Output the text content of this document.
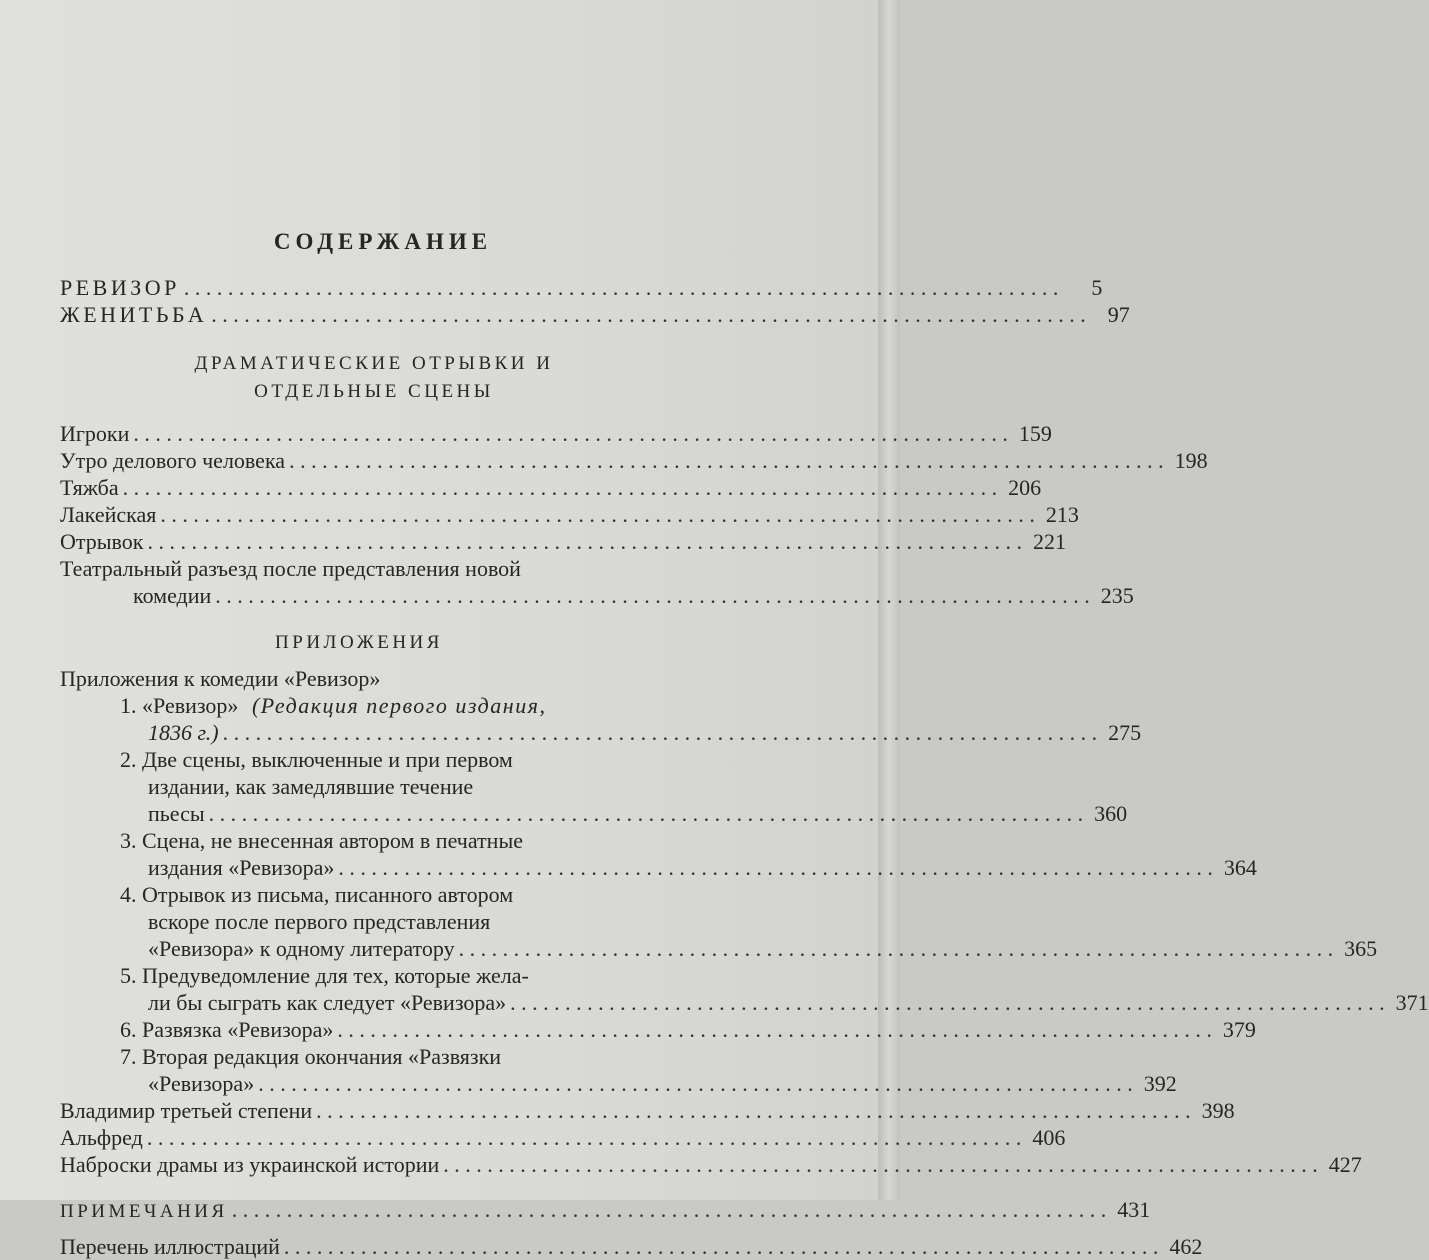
СОДЕРЖАНИЕ
РЕВИЗОР . . . . . . . . . . . . . . . . . . . . . . . . . . . . . . . . . . . . . . . . . . . . . . . . . . . . . . . . . . . . . . . . . . . . . . . . . . . . . . . .	5
ЖЕНИТЬБА . . . . . . . . . . . . . . . . . . . . . . . . . . . . . . . . . . . . . . . . . . . . . . . . . . . . . . . . . . . . . . . . . . . . . . . . . . . . . . . .	97
ДРАМАТИЧЕСКИЕ ОТРЫВКИ И
ОТДЕЛЬНЫЕ СЦЕНЫ
Игроки . . . . . . . . . . . . . . . . . . . . . . . . . . . . . . . . . . . . . . . . . . . . . . . . . . . . . . . . . . . . . . . . . . . . . . . . . . . . . . . . 159
Утро делового человека . . . . . . . . . . . . . . . . . . . . . . . . . . . . . . . . . . . . . . . . . . . . . . . . . . . . . . . . . . . . . . . . . . . . . . . . . . . . . . . . 198
Тяжба . . . . . . . . . . . . . . . . . . . . . . . . . . . . . . . . . . . . . . . . . . . . . . . . . . . . . . . . . . . . . . . . . . . . . . . . . . . . . . . . 206
Лакейская . . . . . . . . . . . . . . . . . . . . . . . . . . . . . . . . . . . . . . . . . . . . . . . . . . . . . . . . . . . . . . . . . . . . . . . . . . . . . . . . 213
Отрывок . . . . . . . . . . . . . . . . . . . . . . . . . . . . . . . . . . . . . . . . . . . . . . . . . . . . . . . . . . . . . . . . . . . . . . . . . . . . . . . . 221
Театральный разъезд после представления новой
комедии . . . . . . . . . . . . . . . . . . . . . . . . . . . . . . . . . . . . . . . . . . . . . . . . . . . . . . . . . . . . . . . . . . . . . . . . . . . . . . . . 235
ПРИЛОЖЕНИЯ
Приложения к комедии «Ревизор»
1. «Ревизор» (Редакция первого издания,
1836 г.) . . . . . . . . . . . . . . . . . . . . . . . . . . . . . . . . . . . . . . . . . . . . . . . . . . . . . . . . . . . . . . . . . . . . . . . . . . . . . . . . 275
2. Две сцены, выключенные и при первом
издании, как замедлявшие течение
пьесы . . . . . . . . . . . . . . . . . . . . . . . . . . . . . . . . . . . . . . . . . . . . . . . . . . . . . . . . . . . . . . . . . . . . . . . . . . . . . . . . 360
3. Сцена, не внесенная автором в печатные
издания «Ревизора» . . . . . . . . . . . . . . . . . . . . . . . . . . . . . . . . . . . . . . . . . . . . . . . . . . . . . . . . . . . . . . . . . . . . . . . . . . . . . . . . 364
4. Отрывок из письма, писанного автором
вскоре после первого представления
«Ревизора» к одному литератору . . . . . . . . . . . . . . . . . . . . . . . . . . . . . . . . . . . . . . . . . . . . . . . . . . . . . . . . . . . . . . . . . . . . . . . . . . . . . . . . 365
5. Предуведомление для тех, которые жела-
ли бы сыграть как следует «Ревизора» . . . . . . . . . . . . . . . . . . . . . . . . . . . . . . . . . . . . . . . . . . . . . . . . . . . . . . . . . . . . . . . . . . . . . . . . . . . . . . . . 371
6. Развязка «Ревизора» . . . . . . . . . . . . . . . . . . . . . . . . . . . . . . . . . . . . . . . . . . . . . . . . . . . . . . . . . . . . . . . . . . . . . . . . . . . . . . . . 379
7. Вторая редакция окончания «Развязки
«Ревизора» . . . . . . . . . . . . . . . . . . . . . . . . . . . . . . . . . . . . . . . . . . . . . . . . . . . . . . . . . . . . . . . . . . . . . . . . . . . . . . . . 392
Владимир третьей степени . . . . . . . . . . . . . . . . . . . . . . . . . . . . . . . . . . . . . . . . . . . . . . . . . . . . . . . . . . . . . . . . . . . . . . . . . . . . . . . . 398
Альфред . . . . . . . . . . . . . . . . . . . . . . . . . . . . . . . . . . . . . . . . . . . . . . . . . . . . . . . . . . . . . . . . . . . . . . . . . . . . . . . . 406
Наброски драмы из украинской истории . . . . . . . . . . . . . . . . . . . . . . . . . . . . . . . . . . . . . . . . . . . . . . . . . . . . . . . . . . . . . . . . . . . . . . . . . . . . . . . . 427
ПРИМЕЧАНИЯ . . . . . . . . . . . . . . . . . . . . . . . . . . . . . . . . . . . . . . . . . . . . . . . . . . . . . . . . . . . . . . . . . . . . . . . . . . . . . . . . 431
Перечень иллюстраций . . . . . . . . . . . . . . . . . . . . . . . . . . . . . . . . . . . . . . . . . . . . . . . . . . . . . . . . . . . . . . . . . . . . . . . . . . . . . . . . 462
